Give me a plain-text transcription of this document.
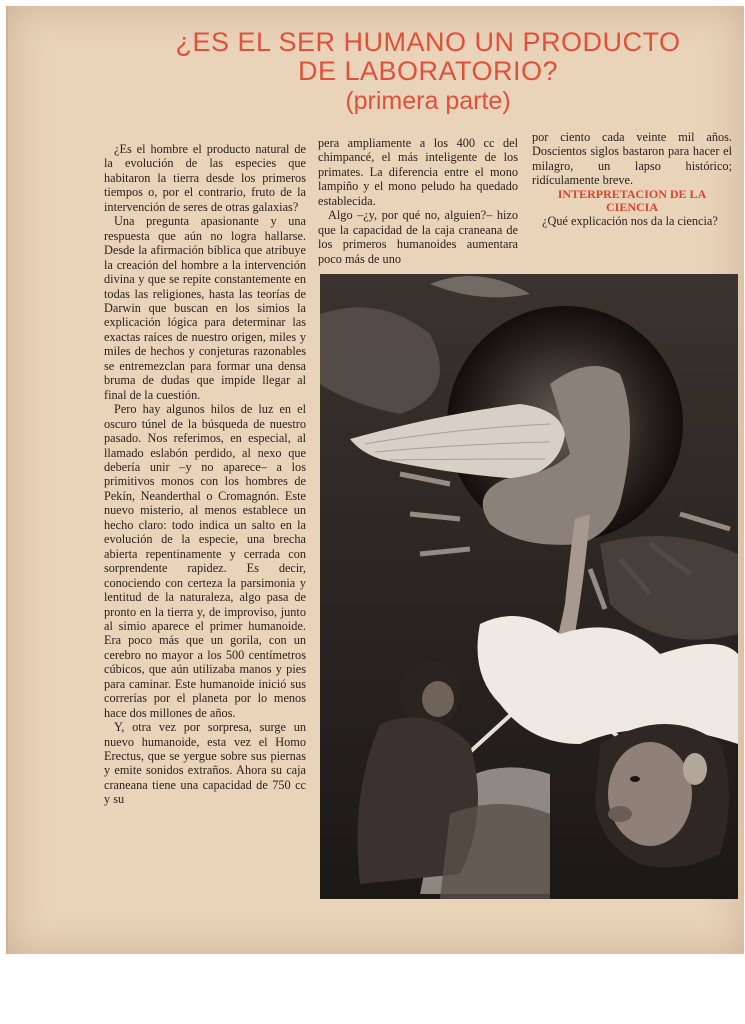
¿ES EL SER HUMANO UN PRODUCTO
DE LABORATORIO?
(primera parte)

¿Es el hombre el producto natural de la evolución de las especies que habitaron la tierra desde los primeros tiempos o, por el contrario, fruto de la intervención de seres de otras galaxias?

Una pregunta apasionante y una respuesta que aún no logra hallarse. Desde la afirmación bíblica que atribuye la creación del hombre a la intervención divina y que se repite constantemente en todas las religiones, hasta las teorías de Darwin que buscan en los simios la explicación lógica para determinar las exactas raíces de nuestro origen, miles y miles de hechos y conjeturas razonables se entremezclan para formar una densa bruma de dudas que impide llegar al final de la cuestión.

Pero hay algunos hilos de luz en el oscuro túnel de la búsqueda de nuestro pasado. Nos referimos, en especial, al llamado eslabón perdido, al nexo que debería unir –y no aparece– a los primitivos monos con los hombres de Pekín, Neanderthal o Cromagnón. Este nuevo misterio, al menos establece un hecho claro: todo indica un salto en la evolución de la especie, una brecha abierta repentinamente y cerrada con sorprendente rapidez. Es decir, conociendo con certeza la parsimonia y lentitud de la naturaleza, algo pasa de pronto en la tierra y, de improviso, junto al simio aparece el primer humanoide. Era poco más que un gorila, con un cerebro no mayor a los 500 centímetros cúbicos, que aún utilizaba manos y pies para caminar. Este humanoide inició sus correrías por el planeta por lo menos hace dos millones de años.

Y, otra vez por sorpresa, surge un nuevo humanoide, esta vez el Homo Erectus, que se yergue sobre sus piernas y emite sonidos extraños. Ahora su caja craneana tiene una capacidad de 750 cc y su

pera ampliamente a los 400 cc del chimpancé, el más inteligente de los primates. La diferencia entre el mono lampiño y el mono peludo ha quedado establecida.

Algo –¿y, por qué no, alguien?– hizo que la capacidad de la caja craneana de los primeros humanoides aumentara poco más de uno

por ciento cada veinte mil años. Doscientos siglos bastaron para hacer el milagro, un lapso histórico; ridículamente breve.

INTERPRETACION DE LA CIENCIA

¿Qué explicación nos da la ciencia?
